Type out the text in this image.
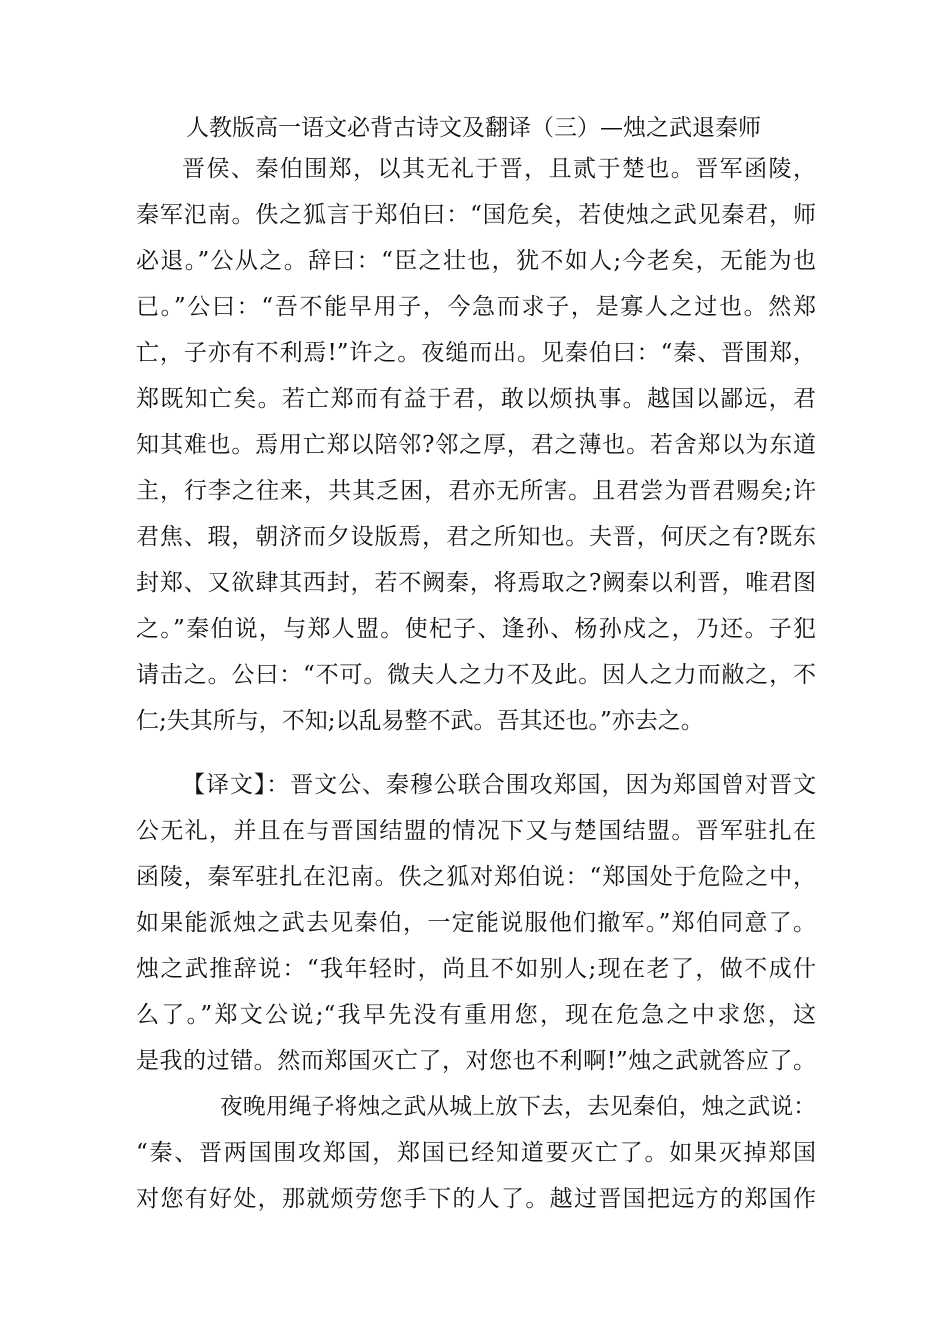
人教版高一语文必背古诗文及翻译（三）—烛之武退秦师
晋侯、秦伯围郑，以其无礼于晋，且贰于楚也。晋军函陵，
秦军氾南。佚之狐言于郑伯曰：“国危矣，若使烛之武见秦君，师
必退。”公从之。辞曰：“臣之壮也，犹不如人;今老矣，无能为也
已。”公曰：“吾不能早用子，今急而求子，是寡人之过也。然郑
亡，子亦有不利焉!”许之。夜缒而出。见秦伯曰：“秦、晋围郑，
郑既知亡矣。若亡郑而有益于君，敢以烦执事。越国以鄙远，君
知其难也。焉用亡郑以陪邻?邻之厚，君之薄也。若舍郑以为东道
主，行李之往来，共其乏困，君亦无所害。且君尝为晋君赐矣;许
君焦、瑕，朝济而夕设版焉，君之所知也。夫晋，何厌之有?既东
封郑、又欲肆其西封，若不阙秦，将焉取之?阙秦以利晋，唯君图
之。”秦伯说，与郑人盟。使杞子、逢孙、杨孙戍之，乃还。子犯
请击之。公曰：“不可。微夫人之力不及此。因人之力而敝之，不
仁;失其所与，不知;以乱易整不武。吾其还也。”亦去之。
【译文】：晋文公、秦穆公联合围攻郑国，因为郑国曾对晋文
公无礼，并且在与晋国结盟的情况下又与楚国结盟。晋军驻扎在
函陵，秦军驻扎在氾南。佚之狐对郑伯说：“郑国处于危险之中，
如果能派烛之武去见秦伯，一定能说服他们撤军。”郑伯同意了。
烛之武推辞说：“我年轻时，尚且不如别人;现在老了，做不成什
么了。”郑文公说;“我早先没有重用您，现在危急之中求您，这
是我的过错。然而郑国灭亡了，对您也不利啊!”烛之武就答应了。
夜晚用绳子将烛之武从城上放下去，去见秦伯，烛之武说：
“秦、晋两国围攻郑国，郑国已经知道要灭亡了。如果灭掉郑国
对您有好处，那就烦劳您手下的人了。越过晋国把远方的郑国作
